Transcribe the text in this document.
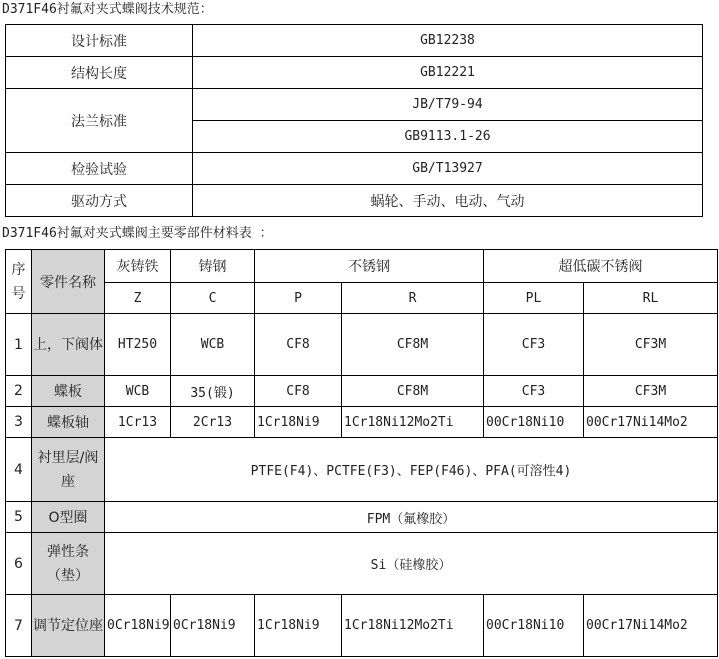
D371F46衬氟对夹式蝶阀技术规范：
设计标准	GB12238
结构长度	GB12221
法兰标准	JB/T79-94
	GB9113.1-26
检验试验	GB/T13927
驱动方式	蜗轮、手动、电动、气动
D371F46衬氟对夹式蝶阀主要零部件材料表 ：
序号	零件名称	灰铸铁	铸钢	不锈钢		超低碳不锈阀	
		Z	C	P	R	PL	RL
1	上，下阀体	HT250	WCB	CF8	CF8M	CF3	CF3M
2	蝶板	WCB	35(锻)	CF8	CF8M	CF3	CF3M
3	蝶板轴	1Cr13	2Cr13	1Cr18Ni9	1Cr18Ni12Mo2Ti	00Cr18Ni10	00Cr17Ni14Mo2
4	衬里层/阀座	PTFE(F4)、PCTFE(F3)、FEP(F46)、PFA(可溶性4)					
5	O型圈	FPM（氟橡胶）					
6	弹性条（垫）	Si（硅橡胶）					
7	调节定位座	0Cr18Ni9	0Cr18Ni9	1Cr18Ni9	1Cr18Ni12Mo2Ti	00Cr18Ni10	00Cr17Ni14Mo2
